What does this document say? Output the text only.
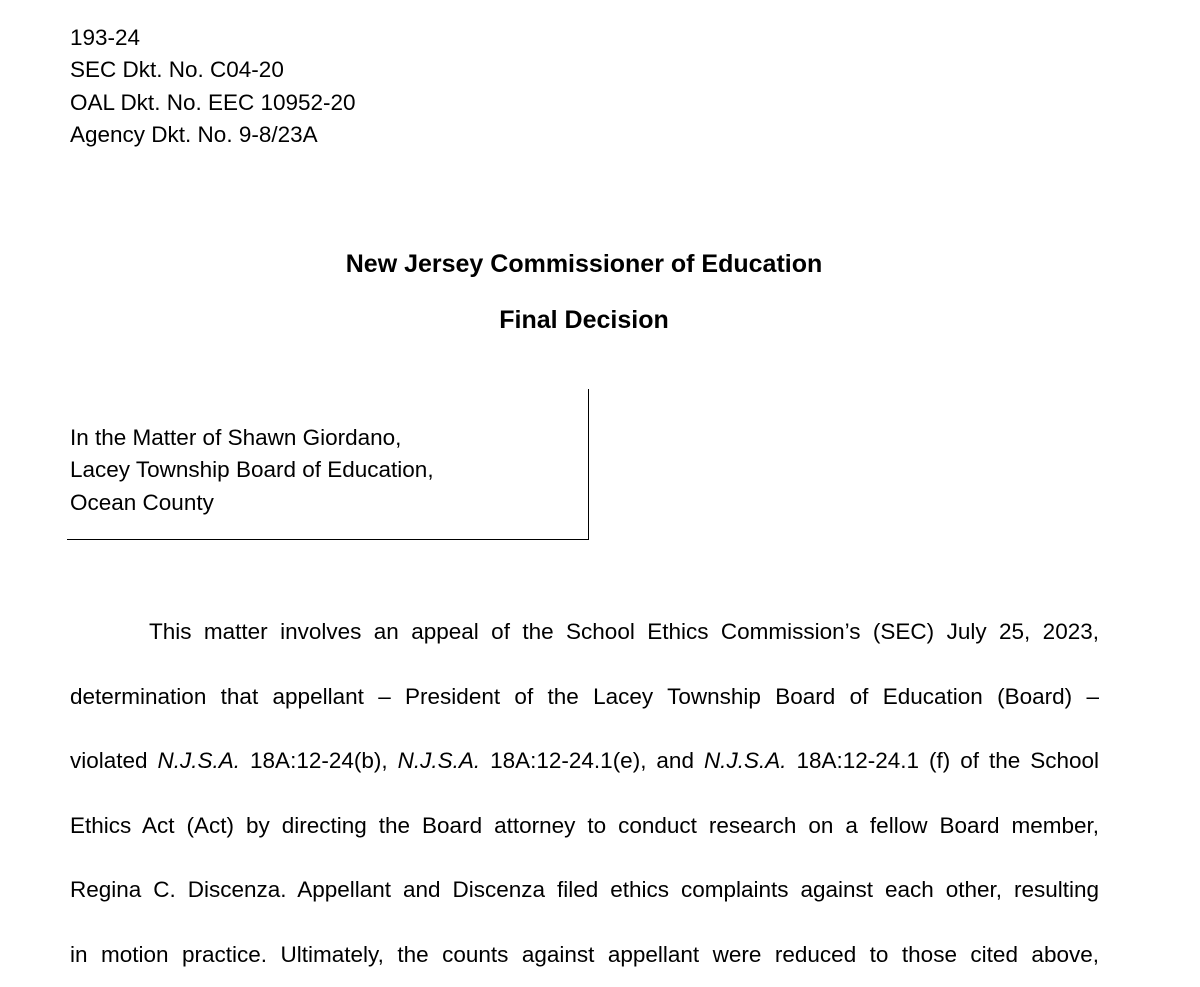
193-24
SEC Dkt. No. C04-20
OAL Dkt. No. EEC 10952-20
Agency Dkt. No. 9-8/23A
New Jersey Commissioner of Education
Final Decision
In the Matter of Shawn Giordano,
Lacey Township Board of Education,
Ocean County
This matter involves an appeal of the School Ethics Commission’s (SEC) July 25, 2023,
determination that appellant – President of the Lacey Township Board of Education (Board) –
violated N.J.S.A. 18A:12-24(b), N.J.S.A. 18A:12-24.1(e), and N.J.S.A. 18A:12-24.1 (f) of the School
Ethics Act (Act) by directing the Board attorney to conduct research on a fellow Board member,
Regina C. Discenza. Appellant and Discenza filed ethics complaints against each other, resulting
in motion practice. Ultimately, the counts against appellant were reduced to those cited above,
